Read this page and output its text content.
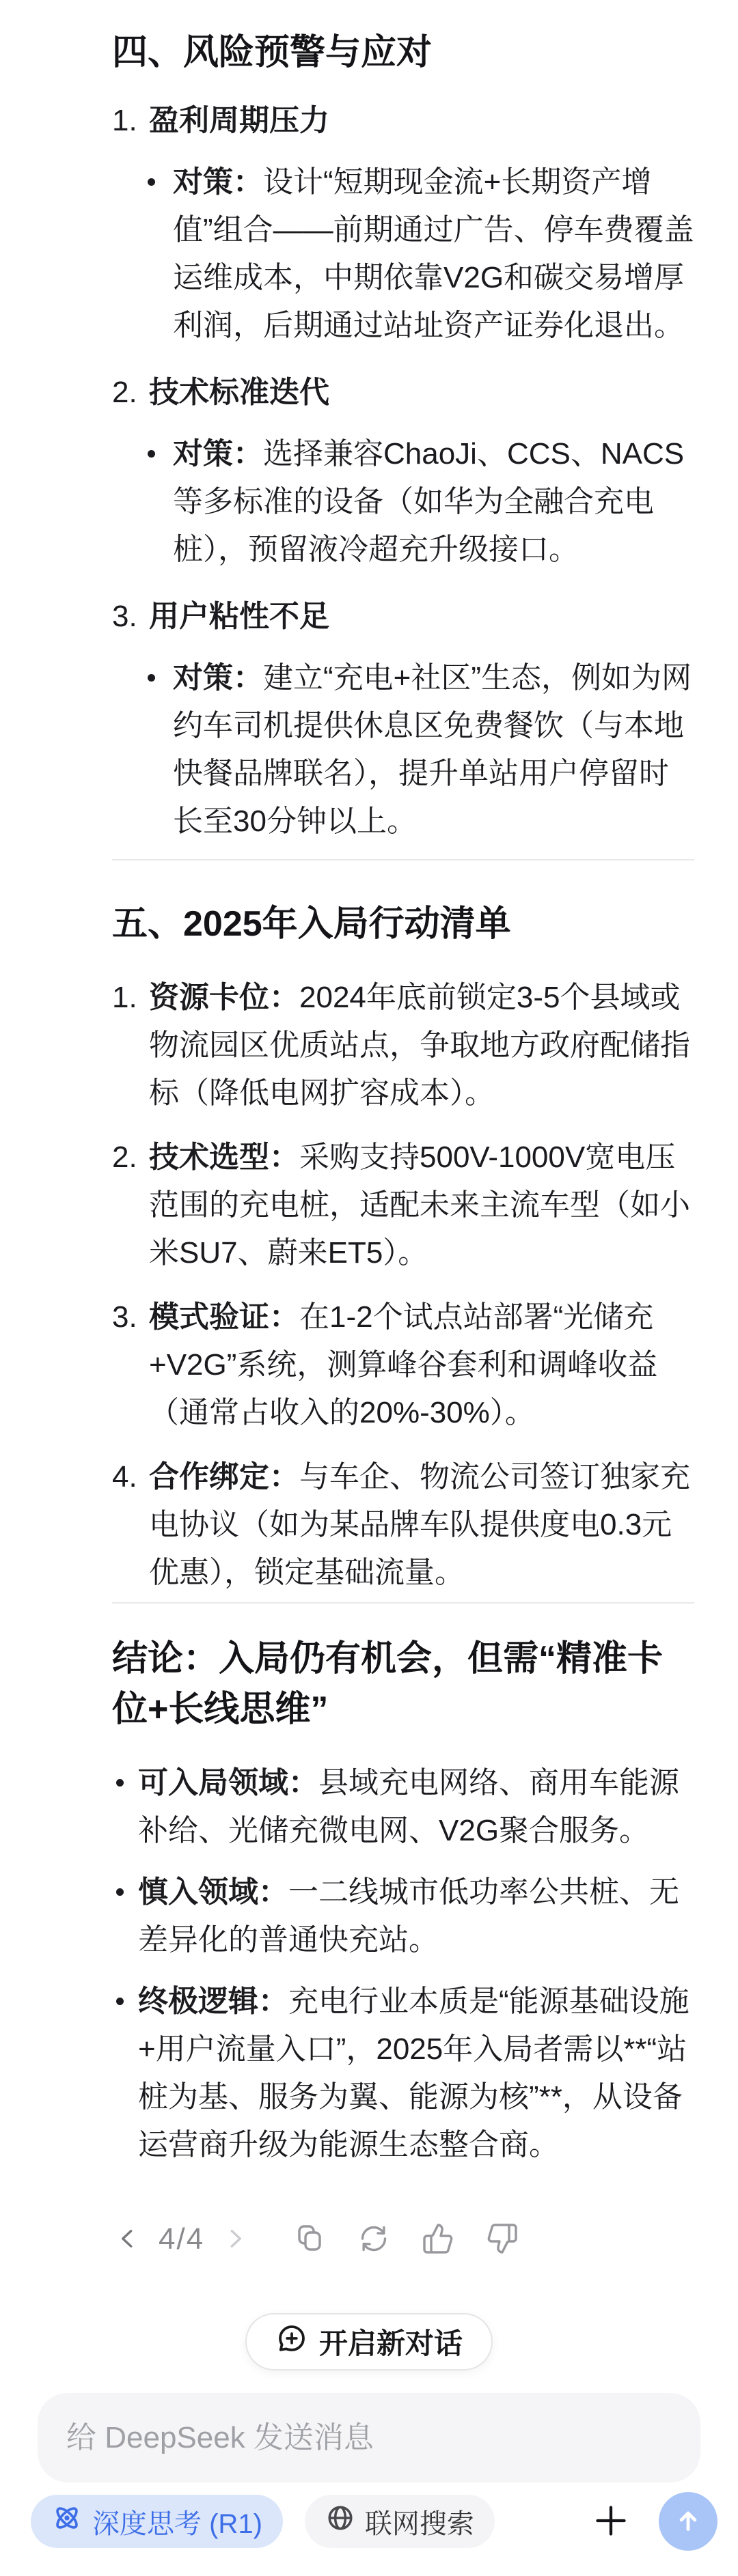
四、风险预警与应对
1. 盈利周期压力
对策：设计“短期现金流+长期资产增值”组合——前期通过广告、停车费覆盖运维成本，中期依靠V2G和碳交易增厚利润，后期通过站址资产证券化退出。
2. 技术标准迭代
对策：选择兼容ChaoJi、CCS、NACS等多标准的设备（如华为全融合充电桩），预留液冷超充升级接口。
3. 用户粘性不足
对策：建立“充电+社区”生态，例如为网约车司机提供休息区免费餐饮（与本地快餐品牌联名），提升单站用户停留时长至30分钟以上。
五、2025年入局行动清单
1. 资源卡位：2024年底前锁定3-5个县域或物流园区优质站点，争取地方政府配储指标（降低电网扩容成本）。
2. 技术选型：采购支持500V-1000V宽电压范围的充电桩，适配未来主流车型（如小米SU7、蔚来ET5）。
3. 模式验证：在1-2个试点站部署“光储充+V2G”系统，测算峰谷套利和调峰收益（通常占收入的20%-30%）。
4. 合作绑定：与车企、物流公司签订独家充电协议（如为某品牌车队提供度电0.3元优惠），锁定基础流量。
结论：入局仍有机会，但需“精准卡位+长线思维”
可入局领域：县域充电网络、商用车能源补给、光储充微电网、V2G聚合服务。
慎入领域：一二线城市低功率公共桩、无差异化的普通快充站。
终极逻辑：充电行业本质是“能源基础设施+用户流量入口”，2025年入局者需以**“站桩为基、服务为翼、能源为核”**，从设备运营商升级为能源生态整合商。
4/4
开启新对话
给 DeepSeek 发送消息
深度思考 (R1)	联网搜索
